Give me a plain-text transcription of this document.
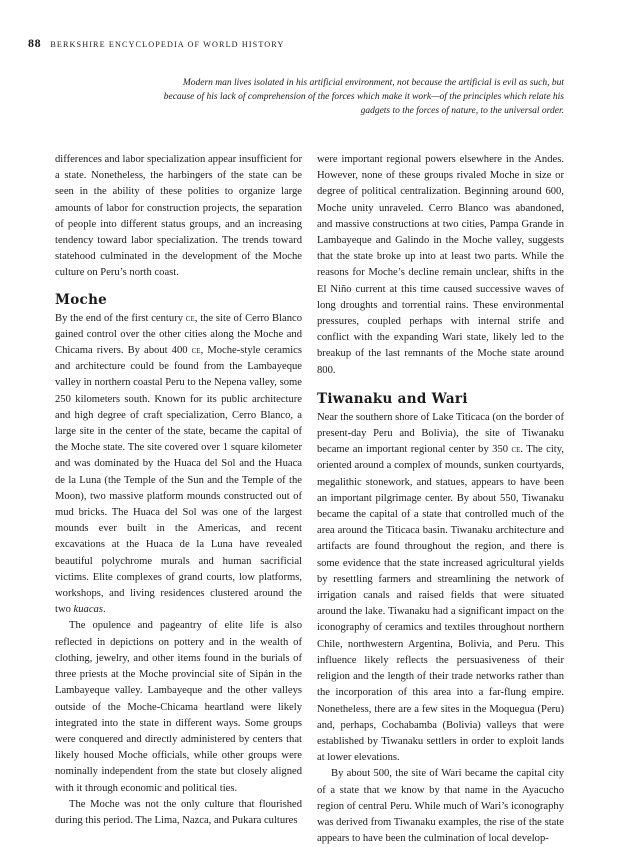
88 BERKSHIRE ENCYCLOPEDIA OF WORLD HISTORY
Modern man lives isolated in his artificial environment, not because the artificial is evil as such, but because of his lack of comprehension of the forces which make it work—of the principles which relate his gadgets to the forces of nature, to the universal order.

differences and labor specialization appear insufficient for a state. Nonetheless, the harbingers of the state can be seen in the ability of these polities to organize large amounts of labor for construction projects, the separation of people into different status groups, and an increasing tendency toward labor specialization. The trends toward statehood culminated in the development of the Moche culture on Peru’s north coast.

Moche

By the end of the first century ce, the site of Cerro Blanco gained control over the other cities along the Moche and Chicama rivers. By about 400 ce, Moche-style ceramics and architecture could be found from the Lambayeque valley in northern coastal Peru to the Nepena valley, some 250 kilometers south. Known for its public architecture and high degree of craft specialization, Cerro Blanco, a large site in the center of the state, became the capital of the Moche state. The site covered over 1 square kilometer and was dominated by the Huaca del Sol and the Huaca de la Luna (the Temple of the Sun and the Temple of the Moon), two massive platform mounds constructed out of mud bricks. The Huaca del Sol was one of the largest mounds ever built in the Americas, and recent excavations at the Huaca de la Luna have revealed beautiful polychrome murals and human sacrificial victims. Elite complexes of grand courts, low platforms, workshops, and living residences clustered around the two kuacas.

The opulence and pageantry of elite life is also reflected in depictions on pottery and in the wealth of clothing, jewelry, and other items found in the burials of three priests at the Moche provincial site of Sipán in the Lambayeque valley. Lambayeque and the other valleys outside of the Moche-Chicama heartland were likely integrated into the state in different ways. Some groups were conquered and directly administered by centers that likely housed Moche officials, while other groups were nominally independent from the state but closely aligned with it through economic and political ties.

The Moche was not the only culture that flourished during this period. The Lima, Nazca, and Pukara cultures

were important regional powers elsewhere in the Andes. However, none of these groups rivaled Moche in size or degree of political centralization. Beginning around 600, Moche unity unraveled. Cerro Blanco was abandoned, and massive constructions at two cities, Pampa Grande in Lambayeque and Galindo in the Moche valley, suggests that the state broke up into at least two parts. While the reasons for Moche’s decline remain unclear, shifts in the El Niño current at this time caused successive waves of long droughts and torrential rains. These environmental pressures, coupled perhaps with internal strife and conflict with the expanding Wari state, likely led to the breakup of the last remnants of the Moche state around 800.

Tiwanaku and Wari

Near the southern shore of Lake Titicaca (on the border of present-day Peru and Bolivia), the site of Tiwanaku became an important regional center by 350 ce. The city, oriented around a complex of mounds, sunken courtyards, megalithic stonework, and statues, appears to have been an important pilgrimage center. By about 550, Tiwanaku became the capital of a state that controlled much of the area around the Titicaca basin. Tiwanaku architecture and artifacts are found throughout the region, and there is some evidence that the state increased agricultural yields by resettling farmers and streamlining the network of irrigation canals and raised fields that were situated around the lake. Tiwanaku had a significant impact on the iconography of ceramics and textiles throughout northern Chile, northwestern Argentina, Bolivia, and Peru. This influence likely reflects the persuasiveness of their religion and the length of their trade networks rather than the incorporation of this area into a far-flung empire. Nonetheless, there are a few sites in the Moquegua (Peru) and, perhaps, Cochabamba (Bolivia) valleys that were established by Tiwanaku settlers in order to exploit lands at lower elevations.

By about 500, the site of Wari became the capital city of a state that we know by that name in the Ayacucho region of central Peru. While much of Wari’s iconography was derived from Tiwanaku examples, the rise of the state appears to have been the culmination of local develop-
